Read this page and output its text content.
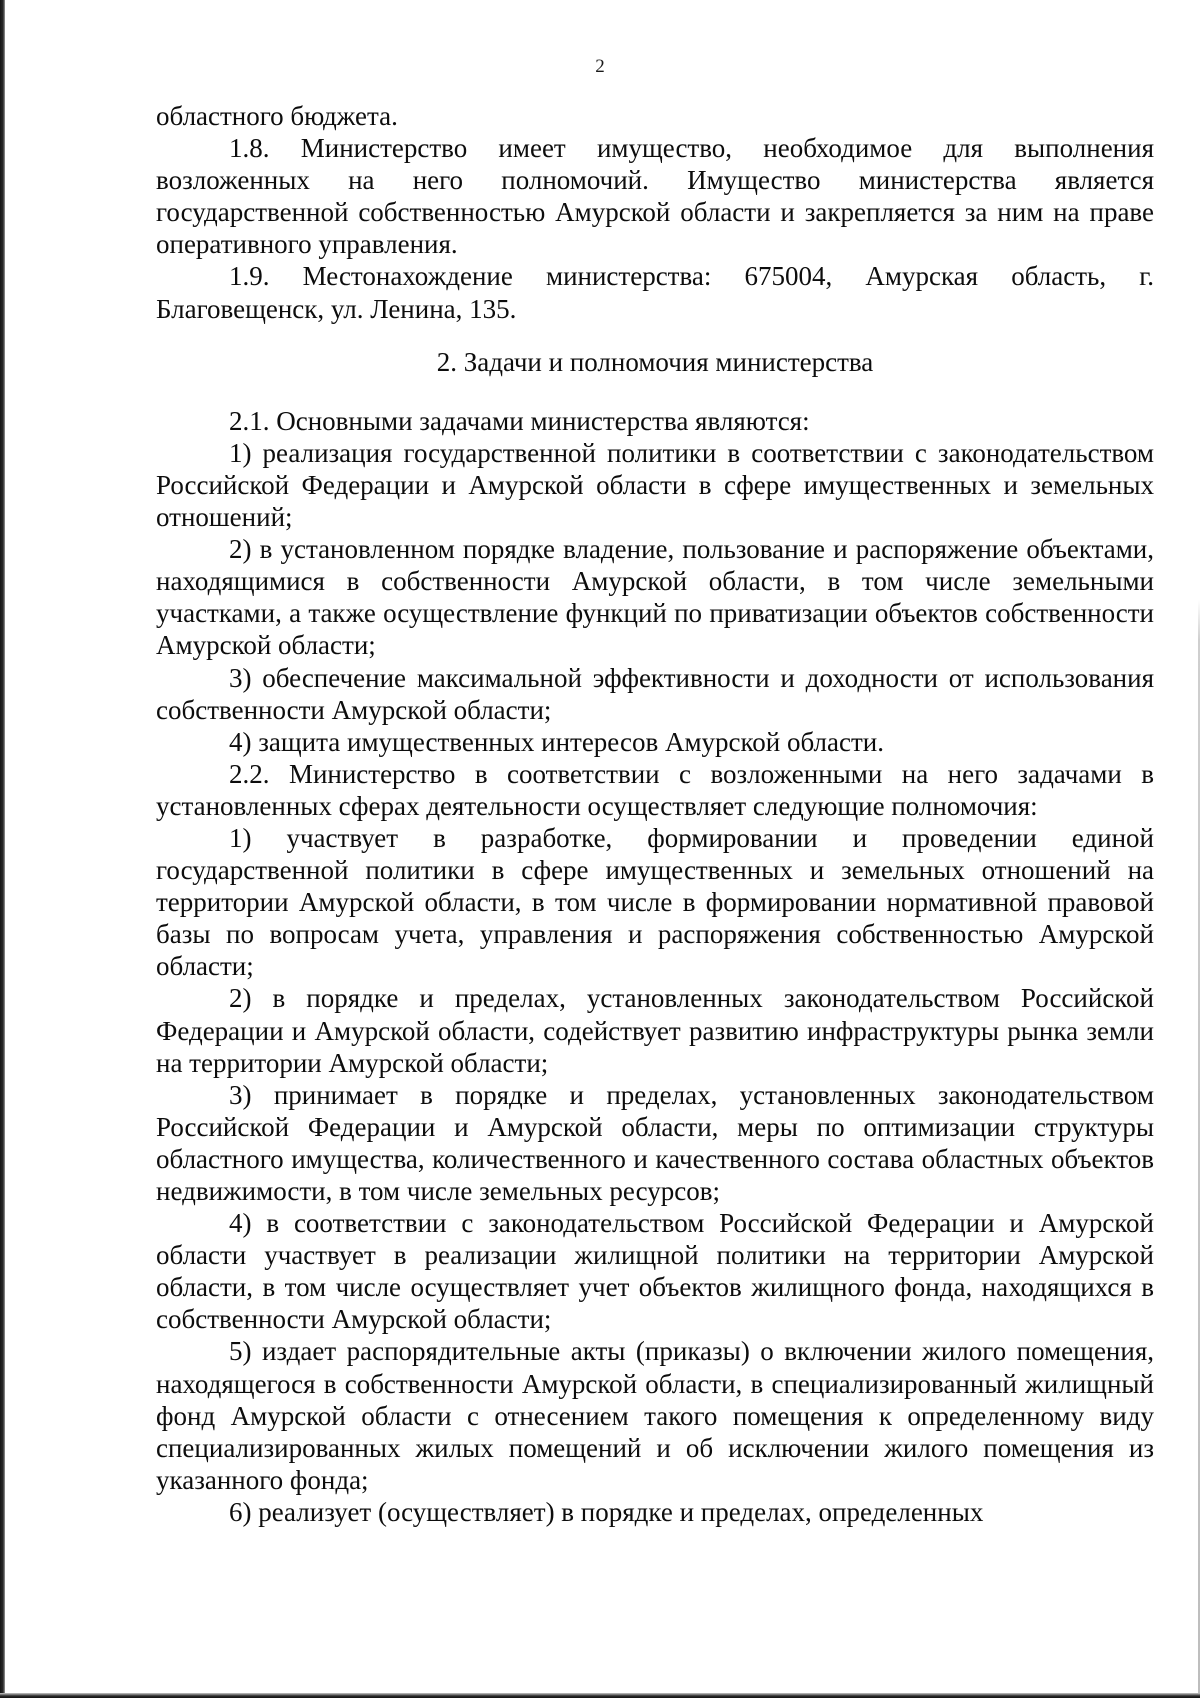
2

областного бюджета.

1.8. Министерство имеет имущество, необходимое для выполнения возложенных на него полномочий. Имущество министерства является государственной собственностью Амурской области и закрепляется за ним на праве оперативного управления.

1.9. Местонахождение министерства: 675004, Амурская область, г. Благовещенск, ул. Ленина, 135.

2. Задачи и полномочия министерства

2.1. Основными задачами министерства являются:

1) реализация государственной политики в соответствии с законодательством Российской Федерации и Амурской области в сфере имущественных и земельных отношений;

2) в установленном порядке владение, пользование и распоряжение объектами, находящимися в собственности Амурской области, в том числе земельными участками, а также осуществление функций по приватизации объектов собственности Амурской области;

3) обеспечение максимальной эффективности и доходности от использования собственности Амурской области;

4) защита имущественных интересов Амурской области.

2.2. Министерство в соответствии с возложенными на него задачами в установленных сферах деятельности осуществляет следующие полномочия:

1) участвует в разработке, формировании и проведении единой государственной политики в сфере имущественных и земельных отношений на территории Амурской области, в том числе в формировании нормативной правовой базы по вопросам учета, управления и распоряжения собственностью Амурской области;

2) в порядке и пределах, установленных законодательством Российской Федерации и Амурской области, содействует развитию инфраструктуры рынка земли на территории Амурской области;

3) принимает в порядке и пределах, установленных законодательством Российской Федерации и Амурской области, меры по оптимизации структуры областного имущества, количественного и качественного состава областных объектов недвижимости, в том числе земельных ресурсов;

4) в соответствии с законодательством Российской Федерации и Амурской области участвует в реализации жилищной политики на территории Амурской области, в том числе осуществляет учет объектов жилищного фонда, находящихся в собственности Амурской области;

5) издает распорядительные акты (приказы) о включении жилого помещения, находящегося в собственности Амурской области, в специализированный жилищный фонд Амурской области с отнесением такого помещения к определенному виду специализированных жилых помещений и об исключении жилого помещения из указанного фонда;

6) реализует (осуществляет) в порядке и пределах, определенных
